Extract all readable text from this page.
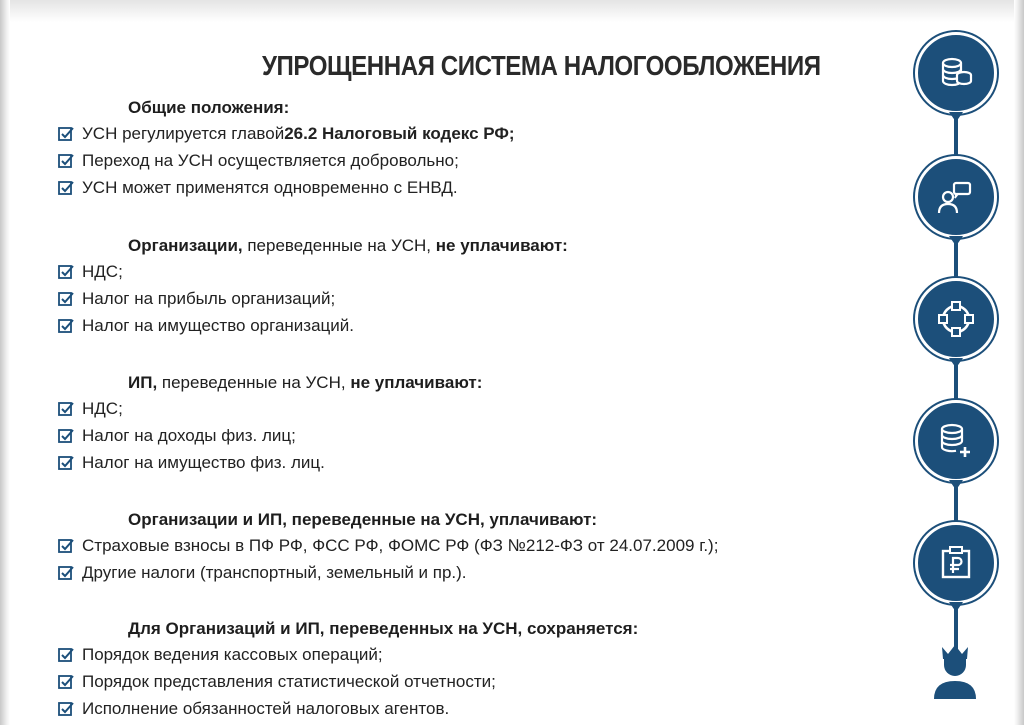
УПРОЩЕННАЯ СИСТЕМА НАЛОГООБЛОЖЕНИЯ
Общие положения:
УСН регулируется главой 26.2 Налоговый кодекс РФ;
Переход на УСН осуществляется добровольно;
УСН может применятся одновременно с ЕНВД.
Организации, переведенные на УСН, не уплачивают:
НДС;
Налог на прибыль организаций;
Налог на имущество организаций.
ИП, переведенные на УСН, не уплачивают:
НДС;
Налог на доходы физ. лиц;
Налог на имущество физ. лиц.
Организации и ИП, переведенные на УСН, уплачивают:
Страховые взносы в ПФ РФ, ФСС РФ, ФОМС РФ (ФЗ №212-ФЗ от 24.07.2009 г.);
Другие налоги (транспортный, земельный и пр.).
Для Организаций и ИП, переведенных на УСН, сохраняется:
Порядок ведения кассовых операций;
Порядок представления статистической отчетности;
Исполнение обязанностей налоговых агентов.
